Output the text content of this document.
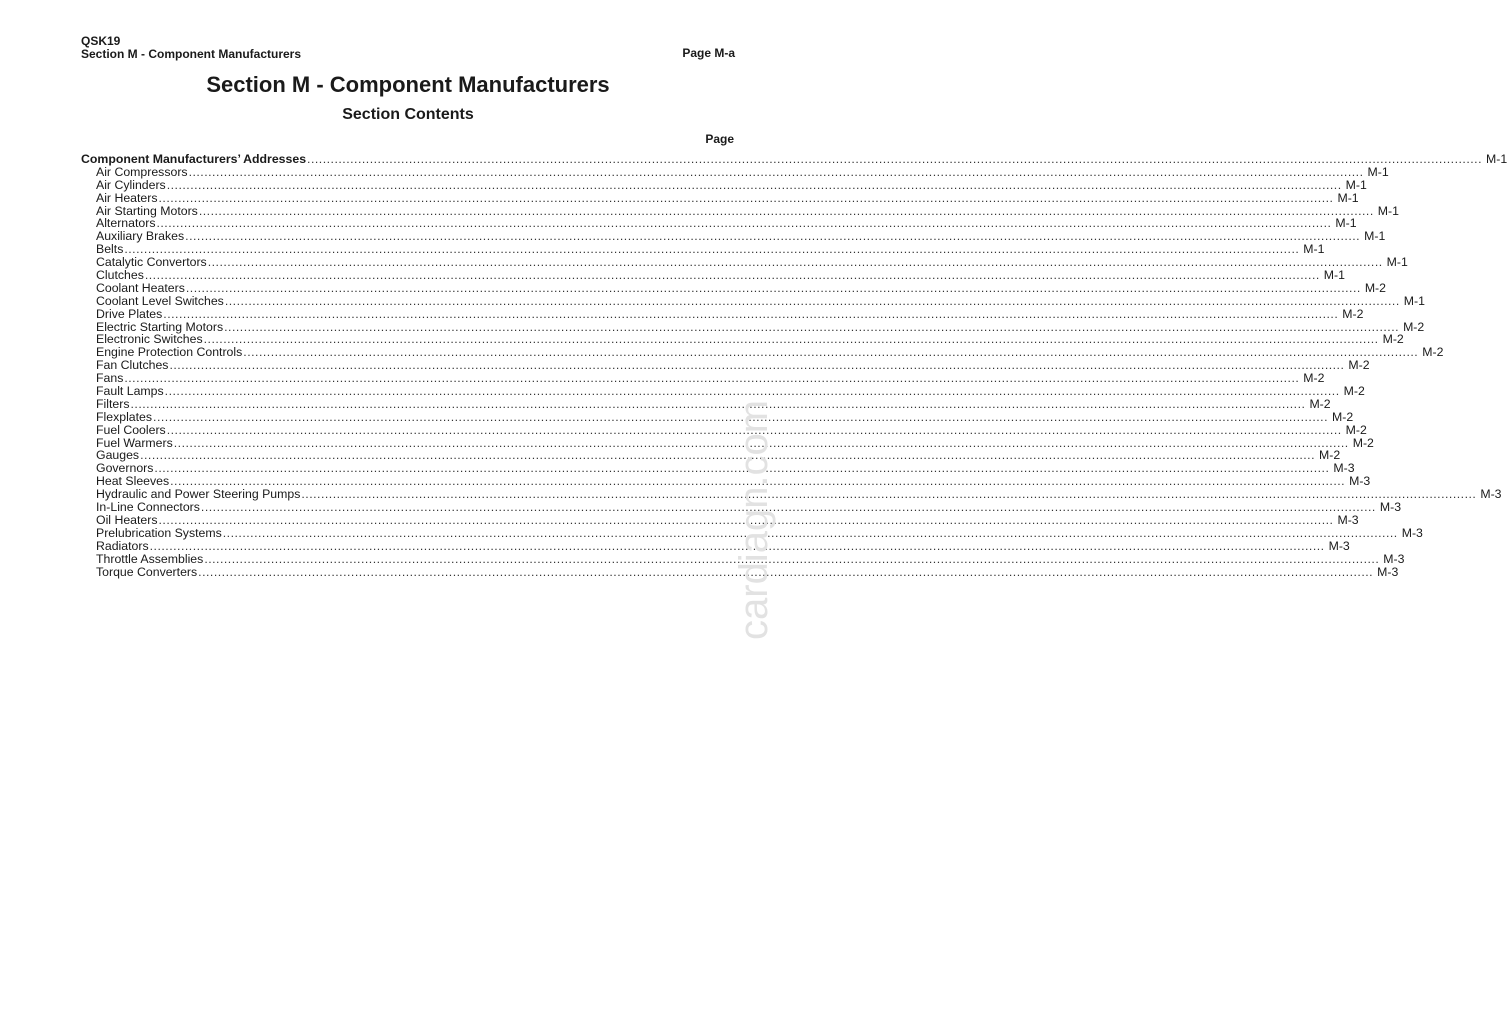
QSK19
Section M - Component Manufacturers	Page M-a
Section M - Component Manufacturers
Section Contents
Page
Component Manufacturers’ Addresses ............................................................................................................................................................................................................................................................................................................ M-1
Air Compressors ............................................................................................................................................................................................................................................................................................................ M-1
Air Cylinders ............................................................................................................................................................................................................................................................................................................ M-1
Air Heaters ............................................................................................................................................................................................................................................................................................................ M-1
Air Starting Motors ............................................................................................................................................................................................................................................................................................................ M-1
Alternators ............................................................................................................................................................................................................................................................................................................ M-1
Auxiliary Brakes ............................................................................................................................................................................................................................................................................................................ M-1
Belts ............................................................................................................................................................................................................................................................................................................ M-1
Catalytic Convertors ............................................................................................................................................................................................................................................................................................................ M-1
Clutches ............................................................................................................................................................................................................................................................................................................ M-1
Coolant Heaters ............................................................................................................................................................................................................................................................................................................ M-2
Coolant Level Switches ............................................................................................................................................................................................................................................................................................................ M-1
Drive Plates ............................................................................................................................................................................................................................................................................................................ M-2
Electric Starting Motors ............................................................................................................................................................................................................................................................................................................ M-2
Electronic Switches ............................................................................................................................................................................................................................................................................................................ M-2
Engine Protection Controls ............................................................................................................................................................................................................................................................................................................ M-2
Fan Clutches ............................................................................................................................................................................................................................................................................................................ M-2
Fans ............................................................................................................................................................................................................................................................................................................ M-2
Fault Lamps ............................................................................................................................................................................................................................................................................................................ M-2
Filters ............................................................................................................................................................................................................................................................................................................ M-2
Flexplates ............................................................................................................................................................................................................................................................................................................ M-2
Fuel Coolers ............................................................................................................................................................................................................................................................................................................ M-2
Fuel Warmers ............................................................................................................................................................................................................................................................................................................ M-2
Gauges ............................................................................................................................................................................................................................................................................................................ M-2
Governors ............................................................................................................................................................................................................................................................................................................ M-3
Heat Sleeves ............................................................................................................................................................................................................................................................................................................ M-3
Hydraulic and Power Steering Pumps ............................................................................................................................................................................................................................................................................................................ M-3
In-Line Connectors ............................................................................................................................................................................................................................................................................................................ M-3
Oil Heaters ............................................................................................................................................................................................................................................................................................................ M-3
Prelubrication Systems ............................................................................................................................................................................................................................................................................................................ M-3
Radiators ............................................................................................................................................................................................................................................................................................................ M-3
Throttle Assemblies ............................................................................................................................................................................................................................................................................................................ M-3
Torque Converters ............................................................................................................................................................................................................................................................................................................ M-3
cardiagn.com
